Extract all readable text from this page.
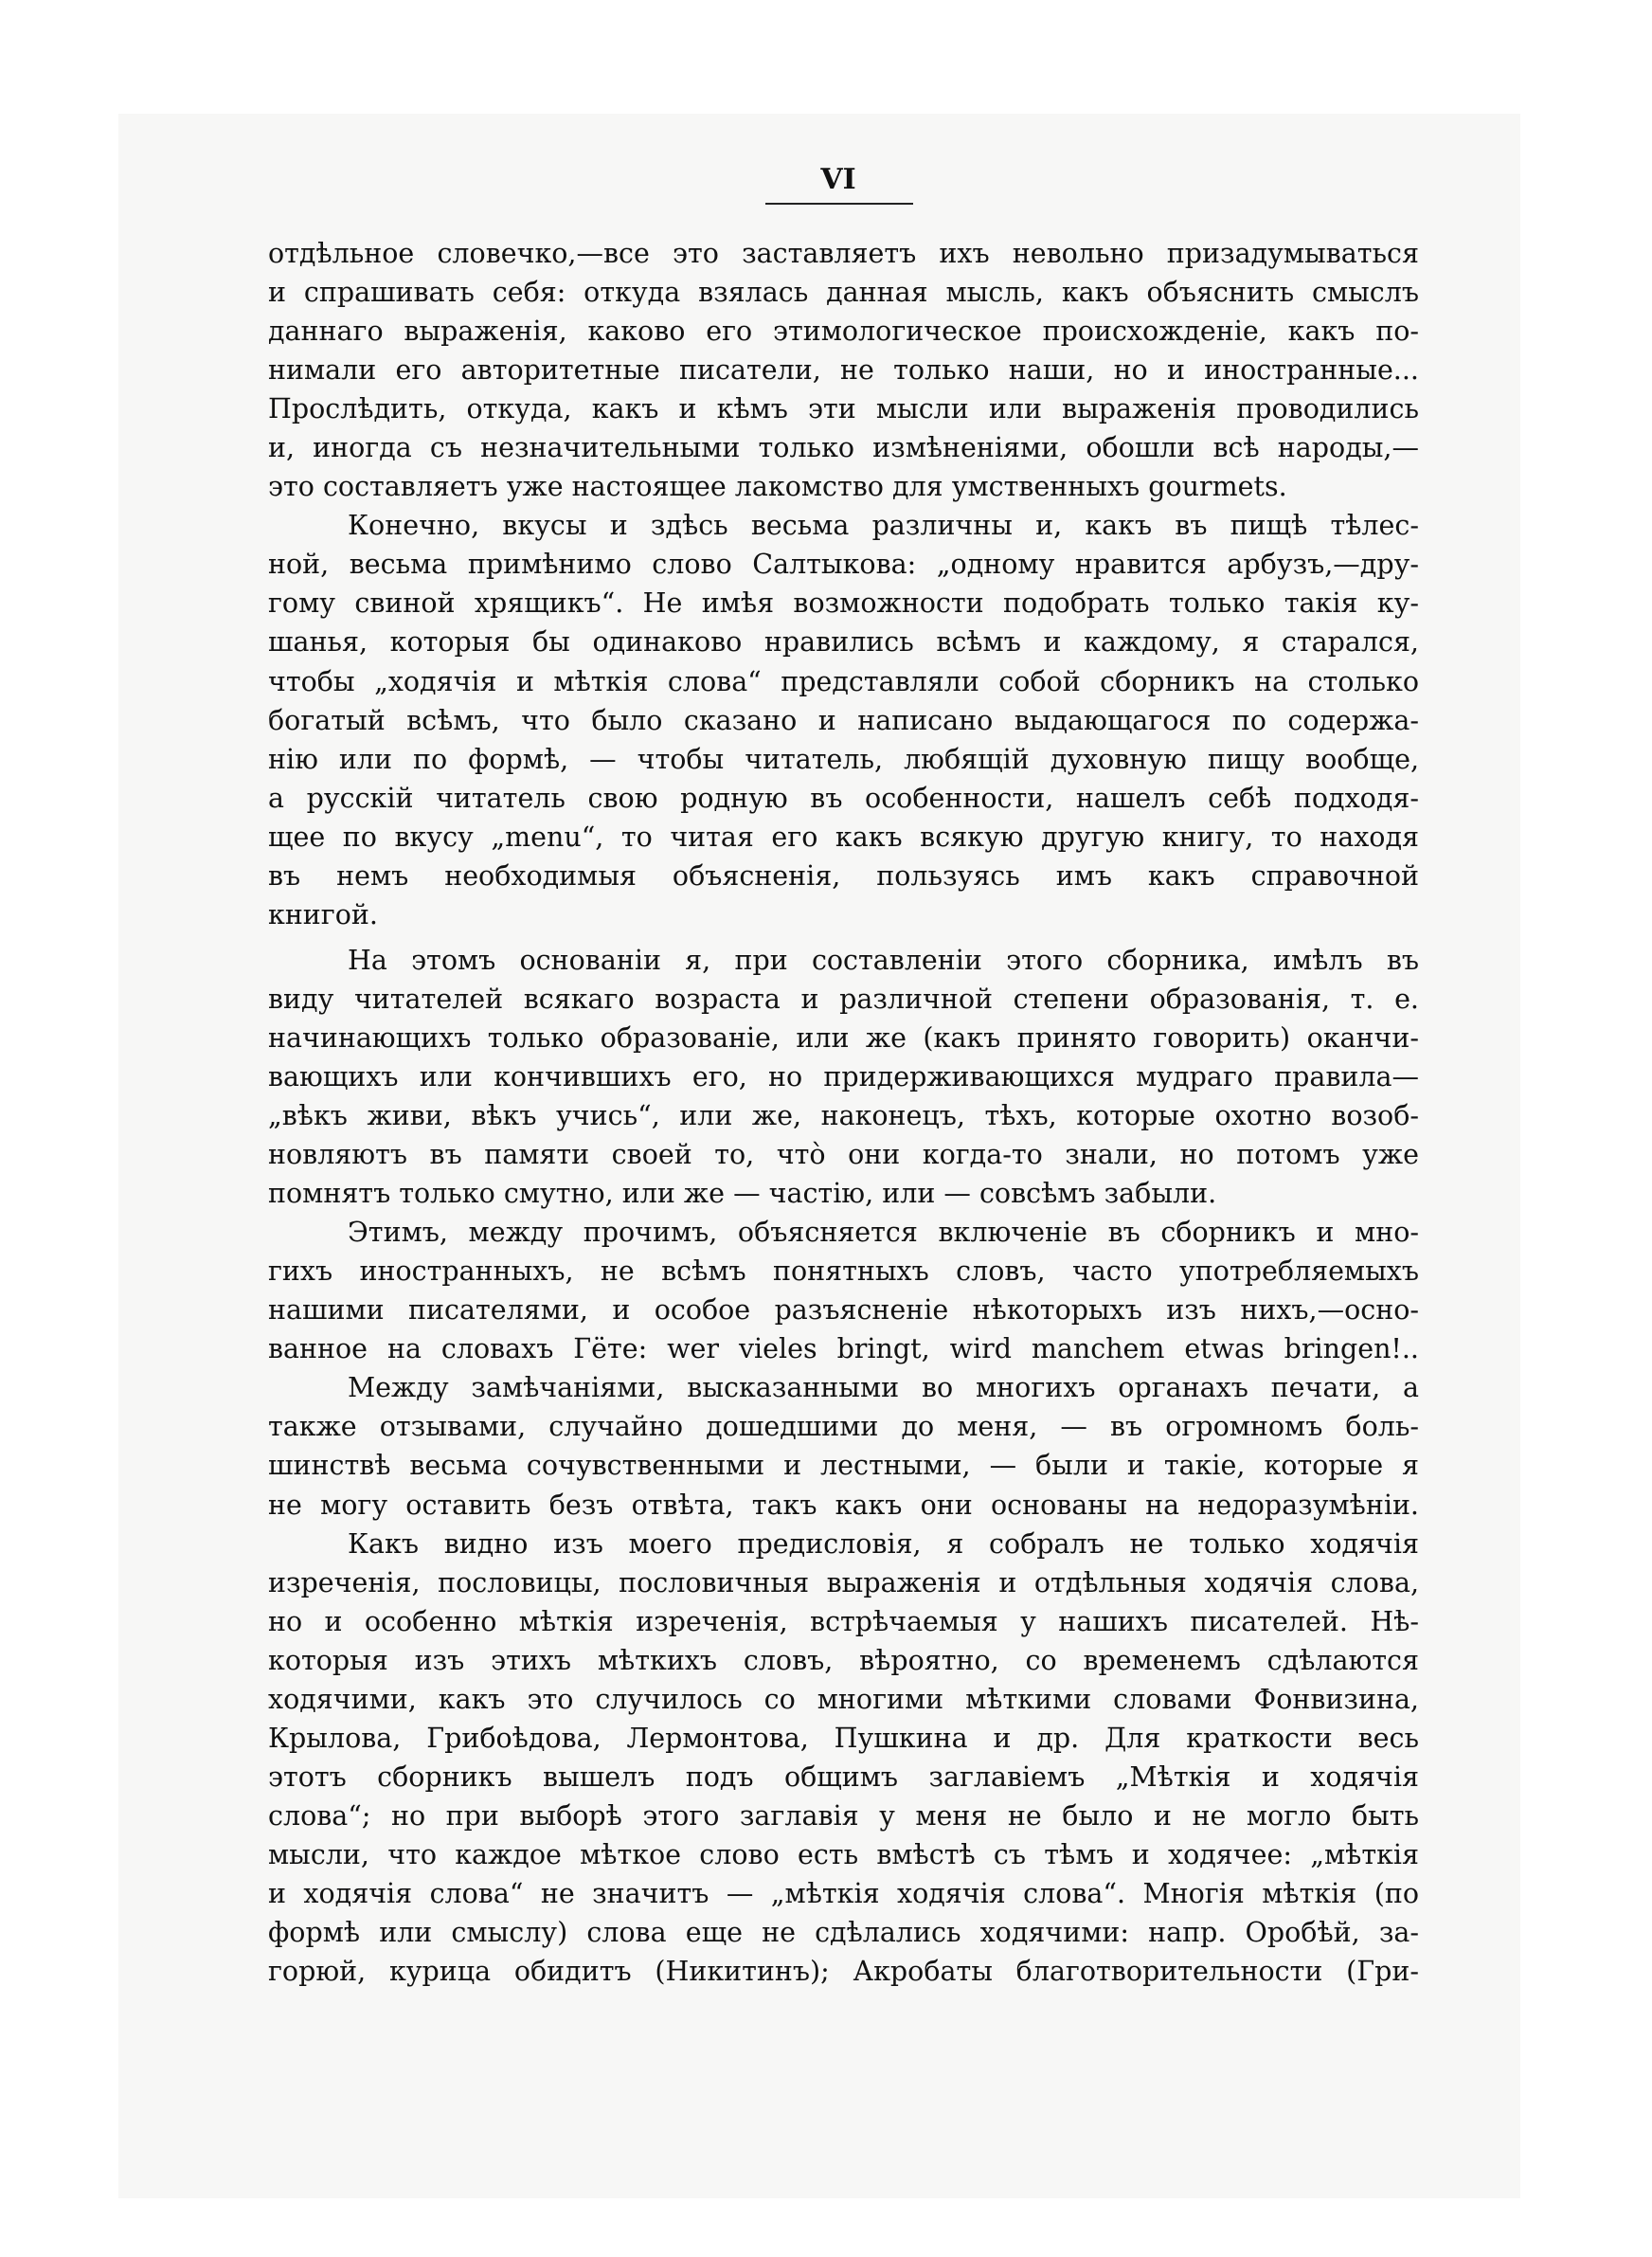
VI
отдѣльное словечко,—все это заставляетъ ихъ невольно призадумываться
и спрашивать себя: откуда взялась данная мысль, какъ объяснить смыслъ
даннаго выраженія, каково его этимологическое происхожденіе, какъ по-
нимали его авторитетные писатели, не только наши, но и иностранные...
Прослѣдить, откуда, какъ и кѣмъ эти мысли или выраженія проводились
и, иногда съ незначительными только измѣненіями, обошли всѣ народы,—
это составляетъ уже настоящее лакомство для умственныхъ gourmets.
Конечно, вкусы и здѣсь весьма различны и, какъ въ пищѣ тѣлес-
ной, весьма примѣнимо слово Салтыкова: „одному нравится арбузъ,—дру-
гому свиной хрящикъ“. Не имѣя возможности подобрать только такія ку-
шанья, которыя бы одинаково нравились всѣмъ и каждому, я старался,
чтобы „ходячія и мѣткія слова“ представляли собой сборникъ на столько
богатый всѣмъ, что было сказано и написано выдающагося по содержа-
нію или по формѣ, — чтобы читатель, любящій духовную пищу вообще,
а русскій читатель свою родную въ особенности, нашелъ себѣ подходя-
щее по вкусу „menu“, то читая его какъ всякую другую книгу, то находя
въ немъ необходимыя объясненія, пользуясь имъ какъ справочной
книгой.
На этомъ основаніи я, при составленіи этого сборника, имѣлъ въ
виду читателей всякаго возраста и различной степени образованія, т. е.
начинающихъ только образованіе, или же (какъ принято говорить) оканчи-
вающихъ или кончившихъ его, но придерживающихся мудраго правила—
„вѣкъ живи, вѣкъ учись“, или же, наконецъ, тѣхъ, которые охотно возоб-
новляютъ въ памяти своей то, что̀ они когда-то знали, но потомъ уже
помнятъ только смутно, или же — частію, или — совсѣмъ забыли.
Этимъ, между прочимъ, объясняется включеніе въ сборникъ и мно-
гихъ иностранныхъ, не всѣмъ понятныхъ словъ, часто употребляемыхъ
нашими писателями, и особое разъясненіе нѣкоторыхъ изъ нихъ,—осно-
ванное на словахъ Гёте: wer vieles bringt, wird manchem etwas bringen!..
Между замѣчаніями, высказанными во многихъ органахъ печати, а
также отзывами, случайно дошедшими до меня, — въ огромномъ боль-
шинствѣ весьма сочувственными и лестными, — были и такіе, которые я
не могу оставить безъ отвѣта, такъ какъ они основаны на недоразумѣніи.
Какъ видно изъ моего предисловія, я собралъ не только ходячія
изреченія, пословицы, пословичныя выраженія и отдѣльныя ходячія слова,
но и особенно мѣткія изреченія, встрѣчаемыя у нашихъ писателей. Нѣ-
которыя изъ этихъ мѣткихъ словъ, вѣроятно, со временемъ сдѣлаются
ходячими, какъ это случилось со многими мѣткими словами Фонвизина,
Крылова, Грибоѣдова, Лермонтова, Пушкина и др. Для краткости весь
этотъ сборникъ вышелъ подъ общимъ заглавіемъ „Мѣткія и ходячія
слова“; но при выборѣ этого заглавія у меня не было и не могло быть
мысли, что каждое мѣткое слово есть вмѣстѣ съ тѣмъ и ходячее: „мѣткія
и ходячія слова“ не значитъ — „мѣткія ходячія слова“. Многія мѣткія (по
формѣ или смыслу) слова еще не сдѣлались ходячими: напр. Оробѣй, за-
горюй, курица обидитъ (Никитинъ); Акробаты благотворительности (Гри-
